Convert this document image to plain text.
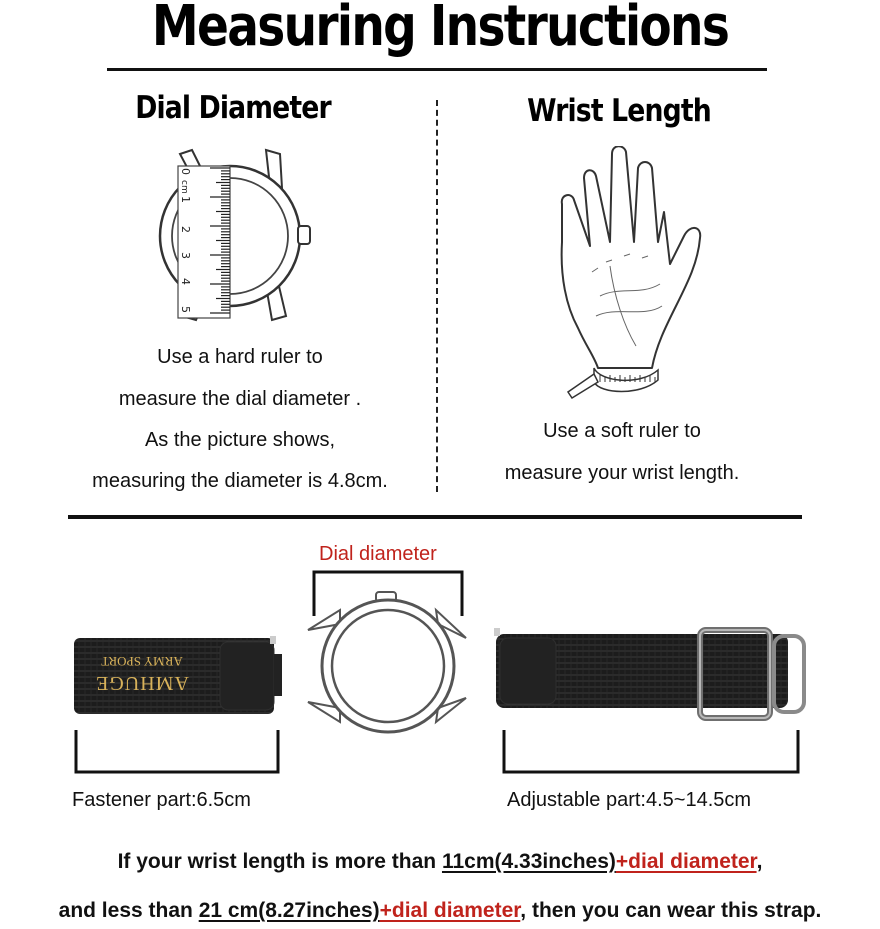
Measuring Instructions
Dial Diameter
0
cm
1
2
3
4
5
Use a hard ruler to
measure the dial diameter .
As the picture shows,
measuring the diameter is 4.8cm.
Wrist Length
Use a soft ruler to
measure your wrist length.
Dial diameter
AMHUGE
ARMY SPORT
Fastener part:6.5cm	Adjustable part:4.5~14.5cm
If your wrist length is more than 11cm(4.33inches)+dial diameter,
and less than 21 cm(8.27inches)+dial diameter, then you can wear this strap.
